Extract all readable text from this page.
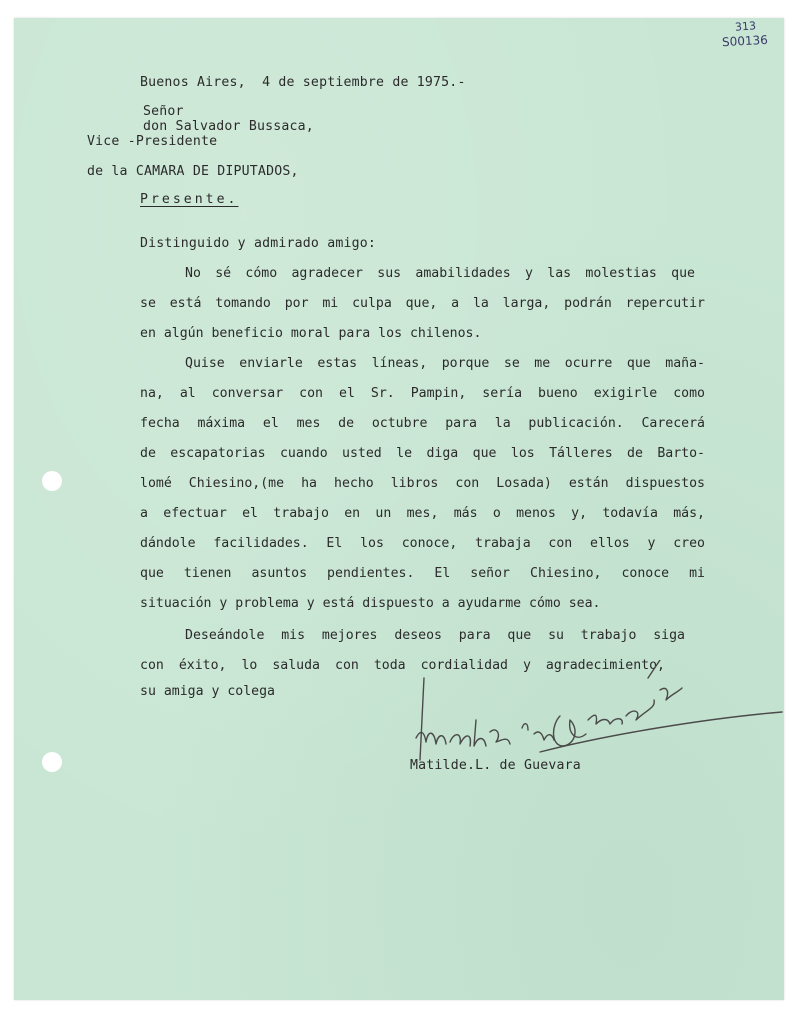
313
S00136
Buenos Aires,  4 de septiembre de 1975.-
Señor
don Salvador Bussaca,
Vice -Presidente
de la CAMARA DE DIPUTADOS,
Presente.
Distinguido y admirado amigo:
No sé cómo agradecer sus amabilidades y las molestias que
se está tomando por mi culpa que, a la larga, podrán repercutir
en algún beneficio moral para los chilenos.
Quise enviarle estas líneas, porque se me ocurre que maña-
na, al conversar con el Sr. Pampin, sería bueno exigirle como
fecha máxima el mes de octubre para la publicación. Carecerá
de escapatorias cuando usted le diga que los Tálleres de Barto-
lomé Chiesino,(me ha hecho libros con Losada) están dispuestos
a efectuar el trabajo en un mes, más o menos y, todavía más,
dándole facilidades. El los conoce, trabaja con ellos y creo
que tienen asuntos pendientes. El señor Chiesino, conoce mi
situación y problema y está dispuesto a ayudarme cómo sea.
Deseándole mis mejores deseos para que su trabajo siga
con éxito, lo saluda con toda cordialidad y agradecimiento,
su amiga y colega
Matilde.L. de Guevara
